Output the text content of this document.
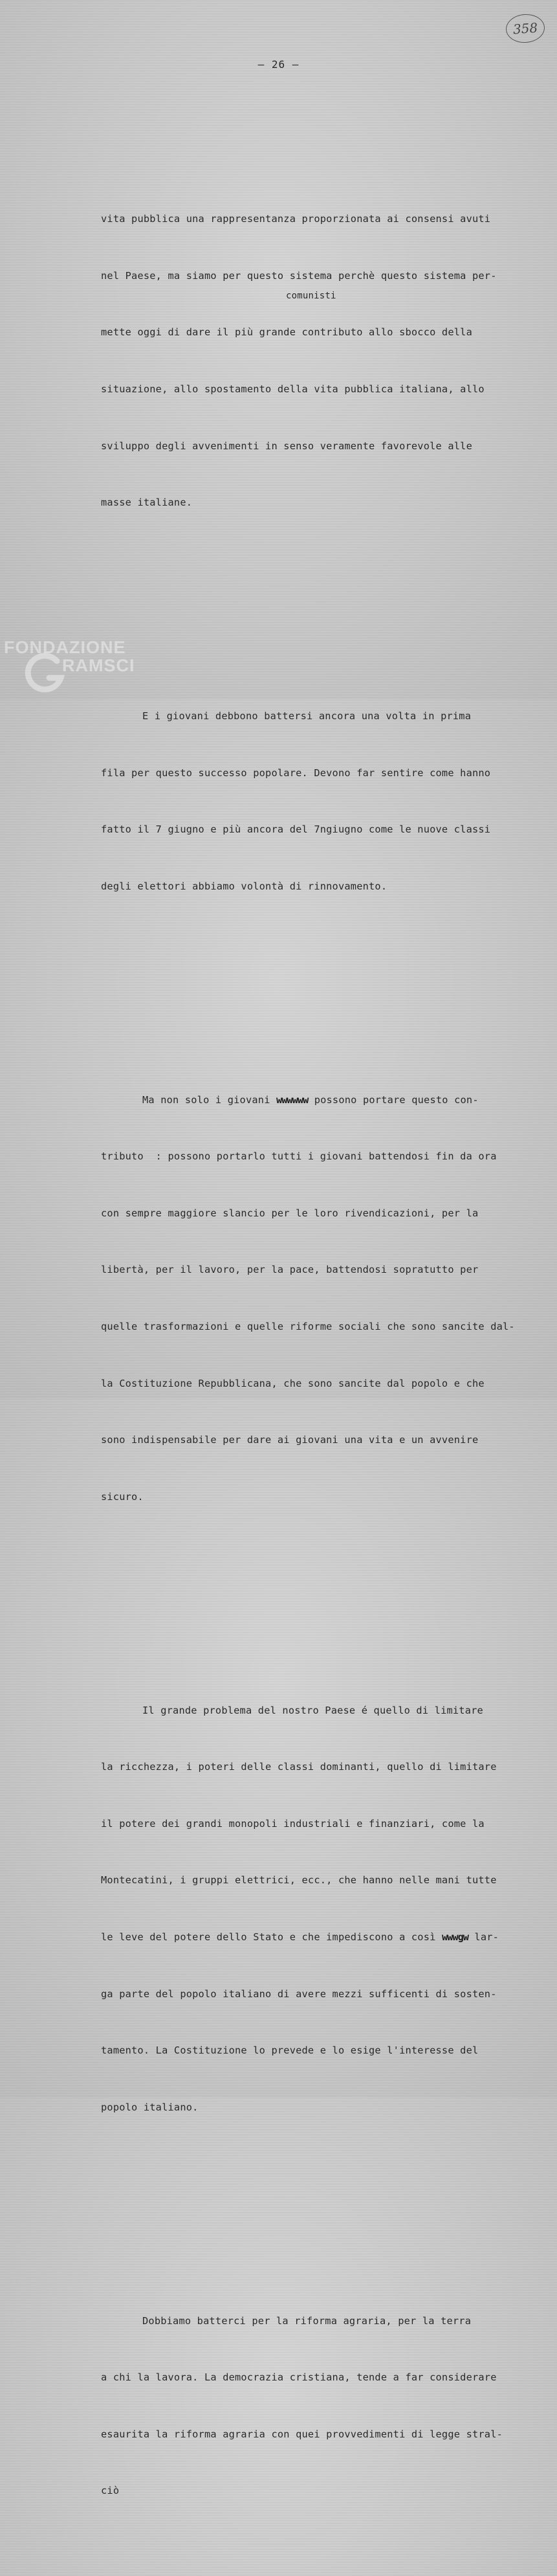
358
– 26 –
comunisti

vita pubblica una rappresentanza proporzionata ai consensi avuti

nel Paese, ma siamo per questo sistema perchè questo sistema per-

mette oggi di dare il più grande contributo allo sbocco della

situazione, allo spostamento della vita pubblica italiana, allo

sviluppo degli avvenimenti in senso veramente favorevole alle

masse italiane.

E i giovani debbono battersi ancora una volta in prima

fila per questo successo popolare. Devono far sentire come hanno

fatto il 7 giugno e più ancora del 7ngiugno come le nuove classi

degli elettori abbiamo volontà di rinnovamento.

Ma non solo i giovani wwwwww possono portare questo con-

tributo  : possono portarlo tutti i giovani battendosi fin da ora

con sempre maggiore slancio per le loro rivendicazioni, per la

libertà, per il lavoro, per la pace, battendosi sopratutto per

quelle trasformazioni e quelle riforme sociali che sono sancite dal-

la Costituzione Repubblicana, che sono sancite dal popolo e che

sono indispensabile per dare ai giovani una vita e un avvenire

sicuro.

Il grande problema del nostro Paese é quello di limitare

la ricchezza, i poteri delle classi dominanti, quello di limitare

il potere dei grandi monopoli industriali e finanziari, come la

Montecatini, i gruppi elettrici, ecc., che hanno nelle mani tutte

le leve del potere dello Stato e che impediscono a così wwwgw lar-

ga parte del popolo italiano di avere mezzi sufficenti di sosten-

tamento. La Costituzione lo prevede e lo esige l'interesse del

popolo italiano.

Dobbiamo batterci per la riforma agraria, per la terra

a chi la lavora. La democrazia cristiana, tende a far considerare

esaurita la riforma agraria con quei provvedimenti di legge stral-

ciò

FONDAZIONE
RAMSCI
